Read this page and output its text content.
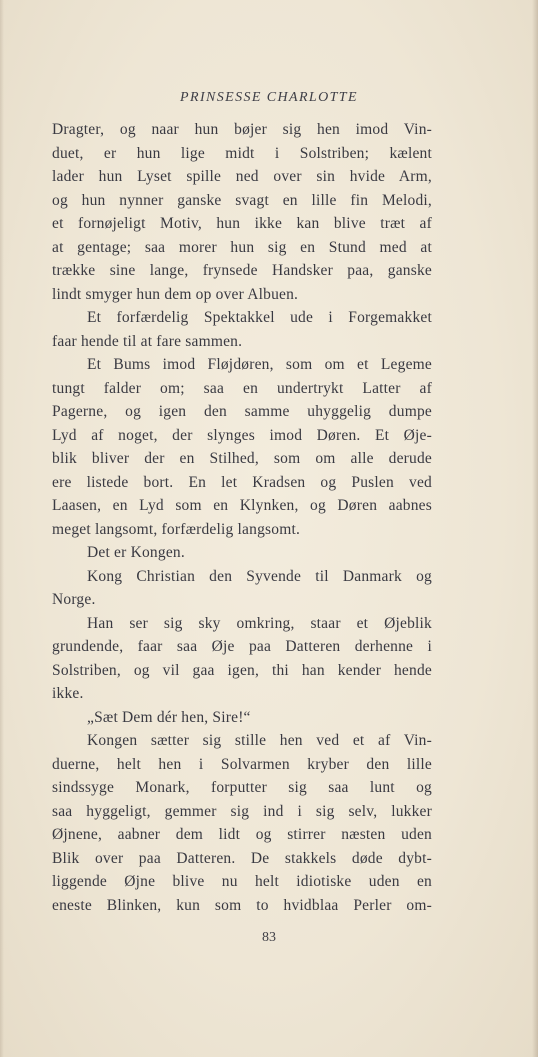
PRINSESSE CHARLOTTE
Dragter, og naar hun bøjer sig hen imod Vin-
duet, er hun lige midt i Solstriben; kælent
lader hun Lyset spille ned over sin hvide Arm,
og hun nynner ganske svagt en lille fin Melodi,
et fornøjeligt Motiv, hun ikke kan blive træt af
at gentage; saa morer hun sig en Stund med at
trække sine lange, frynsede Handsker paa, ganske
lindt smyger hun dem op over Albuen.
Et forfærdelig Spektakkel ude i Forgemakket
faar hende til at fare sammen.
Et Bums imod Fløjdøren, som om et Legeme
tungt falder om; saa en undertrykt Latter af
Pagerne, og igen den samme uhyggelig dumpe
Lyd af noget, der slynges imod Døren. Et Øje-
blik bliver der en Stilhed, som om alle derude
ere listede bort. En let Kradsen og Puslen ved
Laasen, en Lyd som en Klynken, og Døren aabnes
meget langsomt, forfærdelig langsomt.
Det er Kongen.
Kong Christian den Syvende til Danmark og
Norge.
Han ser sig sky omkring, staar et Øjeblik
grundende, faar saa Øje paa Datteren derhenne i
Solstriben, og vil gaa igen, thi han kender hende
ikke.
„Sæt Dem dér hen, Sire!“
Kongen sætter sig stille hen ved et af Vin-
duerne, helt hen i Solvarmen kryber den lille
sindssyge Monark, forputter sig saa lunt og
saa hyggeligt, gemmer sig ind i sig selv, lukker
Øjnene, aabner dem lidt og stirrer næsten uden
Blik over paa Datteren. De stakkels døde dybt-
liggende Øjne blive nu helt idiotiske uden en
eneste Blinken, kun som to hvidblaa Perler om-
83
